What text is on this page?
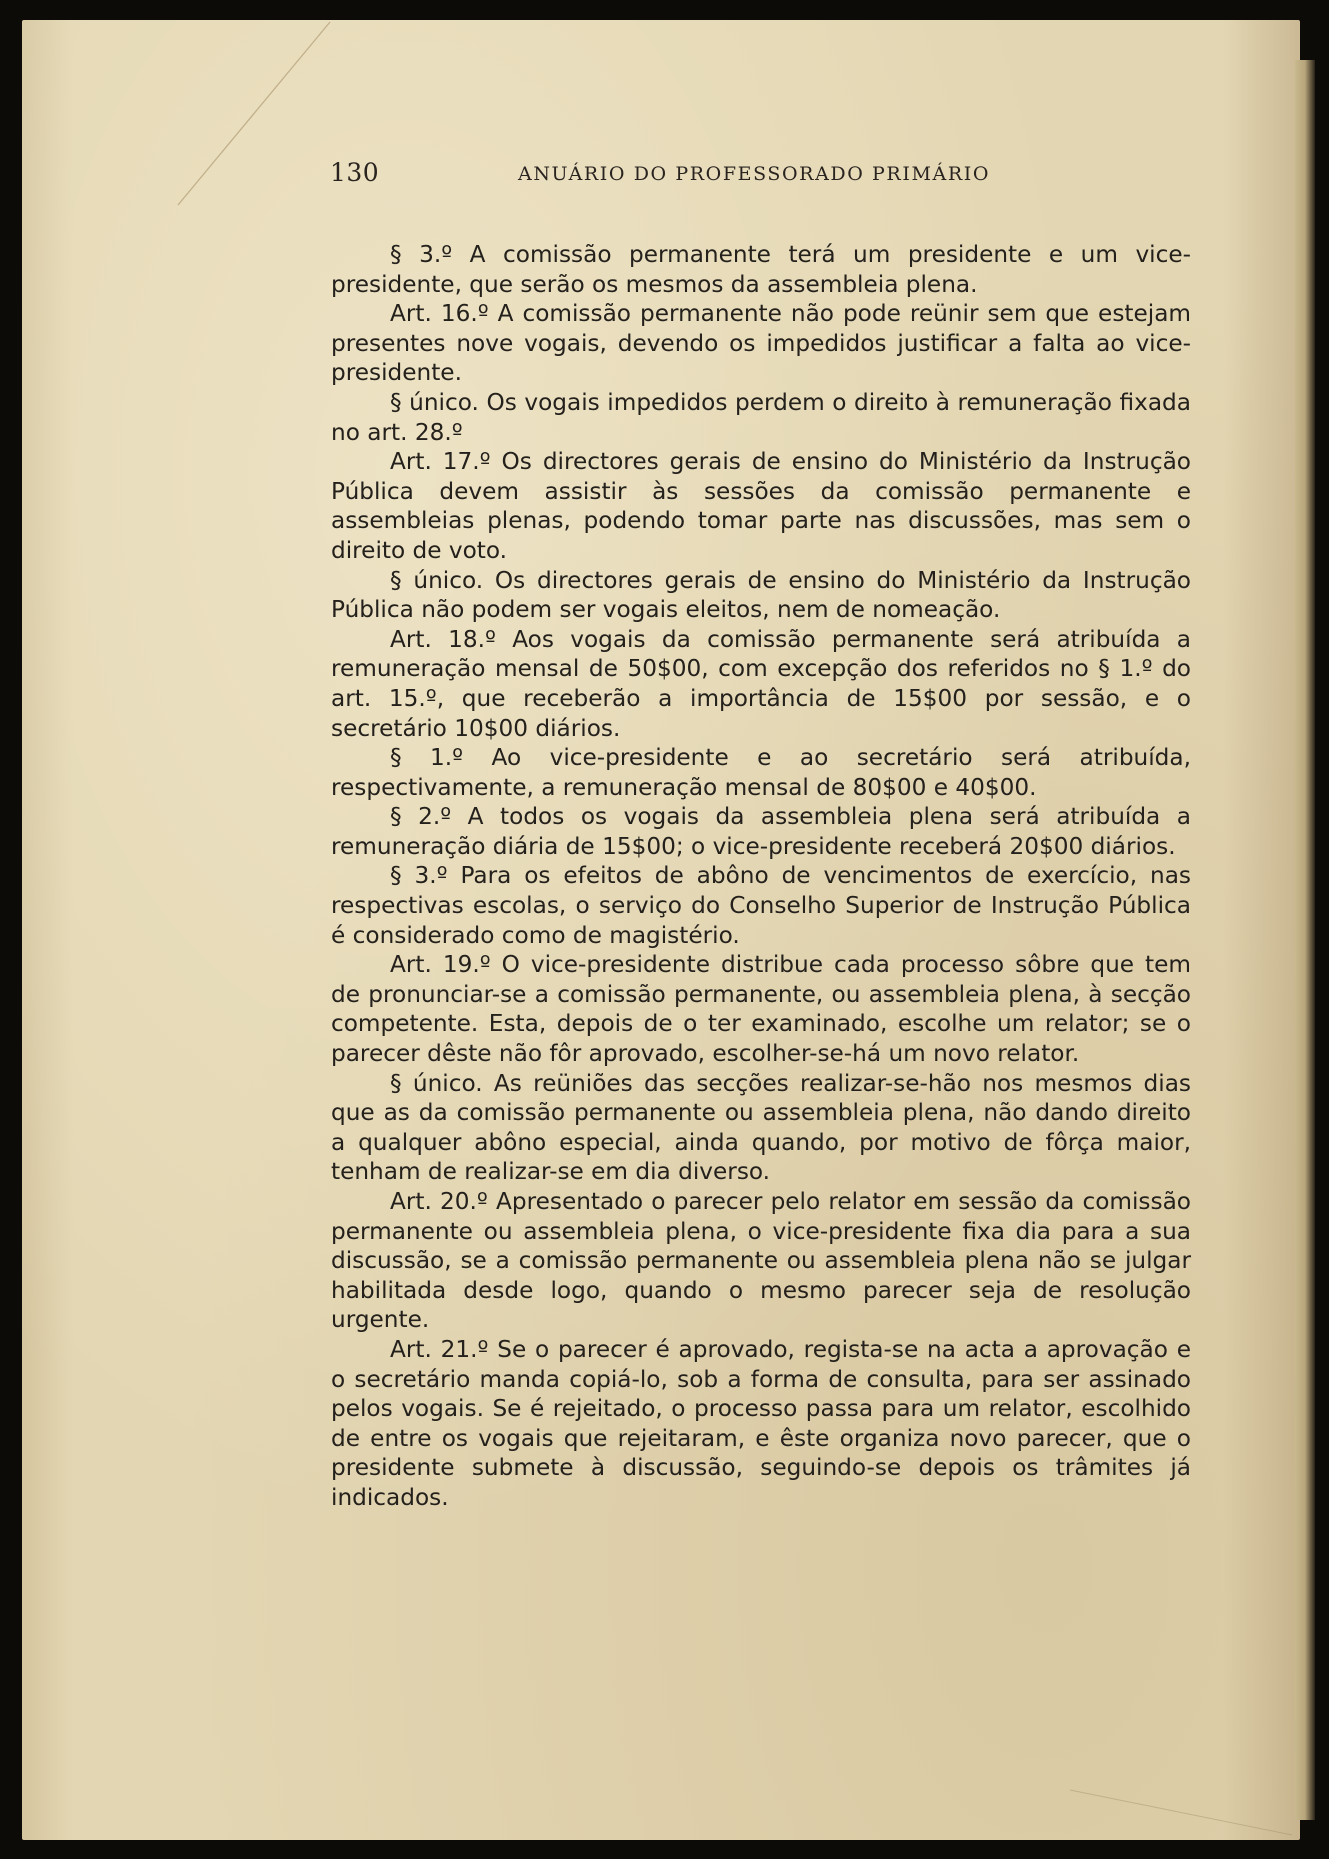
130	ANUÁRIO DO PROFESSORADO PRIMÁRIO

§ 3.º A comissão permanente terá um presidente e um vice-presidente, que serão os mesmos da assembleia plena.

Art. 16.º A comissão permanente não pode reünir sem que estejam presentes nove vogais, devendo os impedidos justificar a falta ao vice-presidente.

§ único. Os vogais impedidos perdem o direito à remuneração fixada no art. 28.º

Art. 17.º Os directores gerais de ensino do Ministério da Instrução Pública devem assistir às sessões da comissão permanente e assembleias plenas, podendo tomar parte nas discussões, mas sem o direito de voto.

§ único. Os directores gerais de ensino do Ministério da Instrução Pública não podem ser vogais eleitos, nem de nomeação.

Art. 18.º Aos vogais da comissão permanente será atribuída a remuneração mensal de 50$00, com excepção dos referidos no § 1.º do art. 15.º, que receberão a importância de 15$00 por sessão, e o secretário 10$00 diários.

§ 1.º Ao vice-presidente e ao secretário será atribuída, respectivamente, a remuneração mensal de 80$00 e 40$00.

§ 2.º A todos os vogais da assembleia plena será atribuída a remuneração diária de 15$00; o vice-presidente receberá 20$00 diários.

§ 3.º Para os efeitos de abôno de vencimentos de exercício, nas respectivas escolas, o serviço do Conselho Superior de Instrução Pública é considerado como de magistério.

Art. 19.º O vice-presidente distribue cada processo sôbre que tem de pronunciar-se a comissão permanente, ou assembleia plena, à secção competente. Esta, depois de o ter examinado, escolhe um relator; se o parecer dêste não fôr aprovado, escolher-se-há um novo relator.

§ único. As reüniões das secções realizar-se-hão nos mesmos dias que as da comissão permanente ou assembleia plena, não dando direito a qualquer abôno especial, ainda quando, por motivo de fôrça maior, tenham de realizar-se em dia diverso.

Art. 20.º Apresentado o parecer pelo relator em sessão da comissão permanente ou assembleia plena, o vice-presidente fixa dia para a sua discussão, se a comissão permanente ou assembleia plena não se julgar habilitada desde logo, quando o mesmo parecer seja de resolução urgente.

Art. 21.º Se o parecer é aprovado, regista-se na acta a aprovação e o secretário manda copiá-lo, sob a forma de consulta, para ser assinado pelos vogais. Se é rejeitado, o processo passa para um relator, escolhido de entre os vogais que rejeitaram, e êste organiza novo parecer, que o presidente submete à discussão, seguindo-se depois os trâmites já indicados.
